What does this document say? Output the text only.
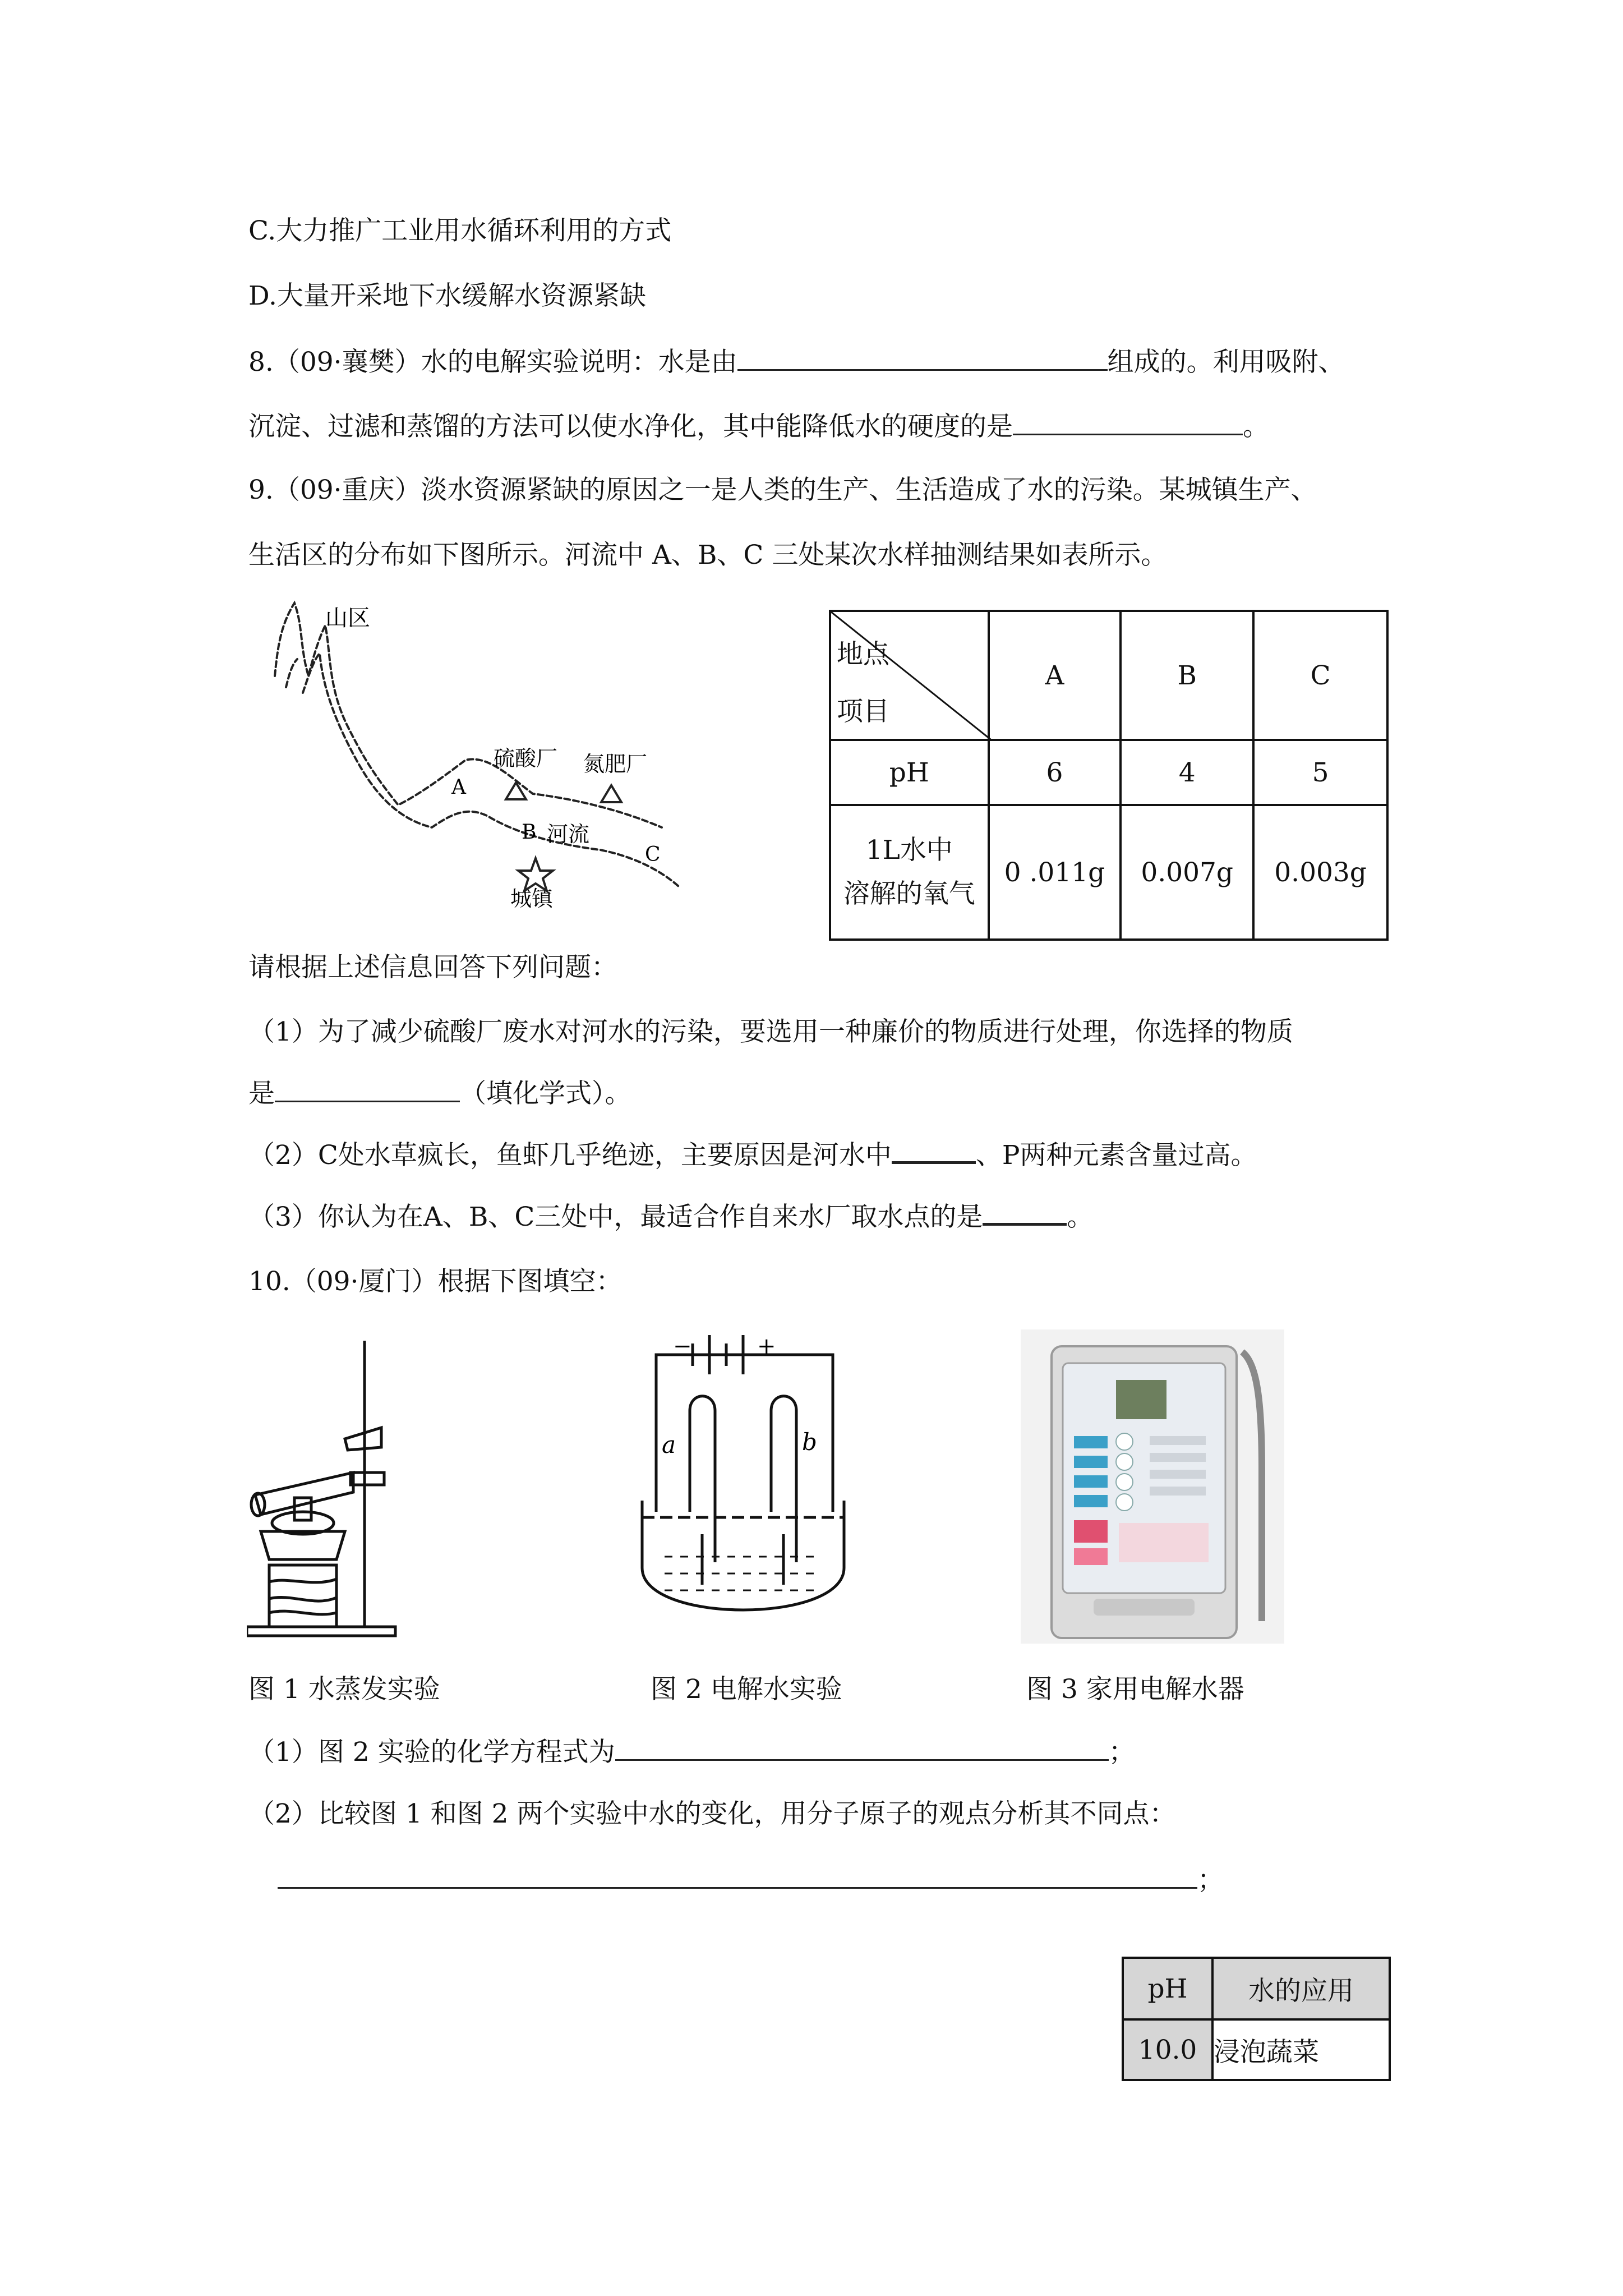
C.大力推广工业用水循环利用的方式
D.大量开采地下水缓解水资源紧缺
8.（09·襄樊）水的电解实验说明：水是由	组成的。利用吸附、
沉淀、过滤和蒸馏的方法可以使水净化，其中能降低水的硬度的是	。
9.（09·重庆）淡水资源紧缺的原因之一是人类的生产、生活造成了水的污染。某城镇生产、
生活区的分布如下图所示。河流中 A、B、C 三处某次水样抽测结果如表所示。
山区
硫酸厂 氮肥厂
A
B 河流
C
城镇
地点
项目	A	B	C
pH	6	4	5
1L水中
溶解的氧气	0 .011g	0.007g	0.003g
请根据上述信息回答下列问题：
（1）为了减少硫酸厂废水对河水的污染，要选用一种廉价的物质进行处理，你选择的物质
是	（填化学式）。
（2）C处水草疯长，鱼虾几乎绝迹，主要原因是河水中	、P两种元素含量过高。
（3）你认为在A、B、C三处中，最适合作自来水厂取水点的是	。
10.（09·厦门）根据下图填空：
a	b
−	+
图 1 水蒸发实验	图 2 电解水实验	图 3 家用电解水器
（1）图 2 实验的化学方程式为	；
（2）比较图 1 和图 2 两个实验中水的变化，用分子原子的观点分析其不同点：
；
pH	水的应用
10.0	浸泡蔬菜
